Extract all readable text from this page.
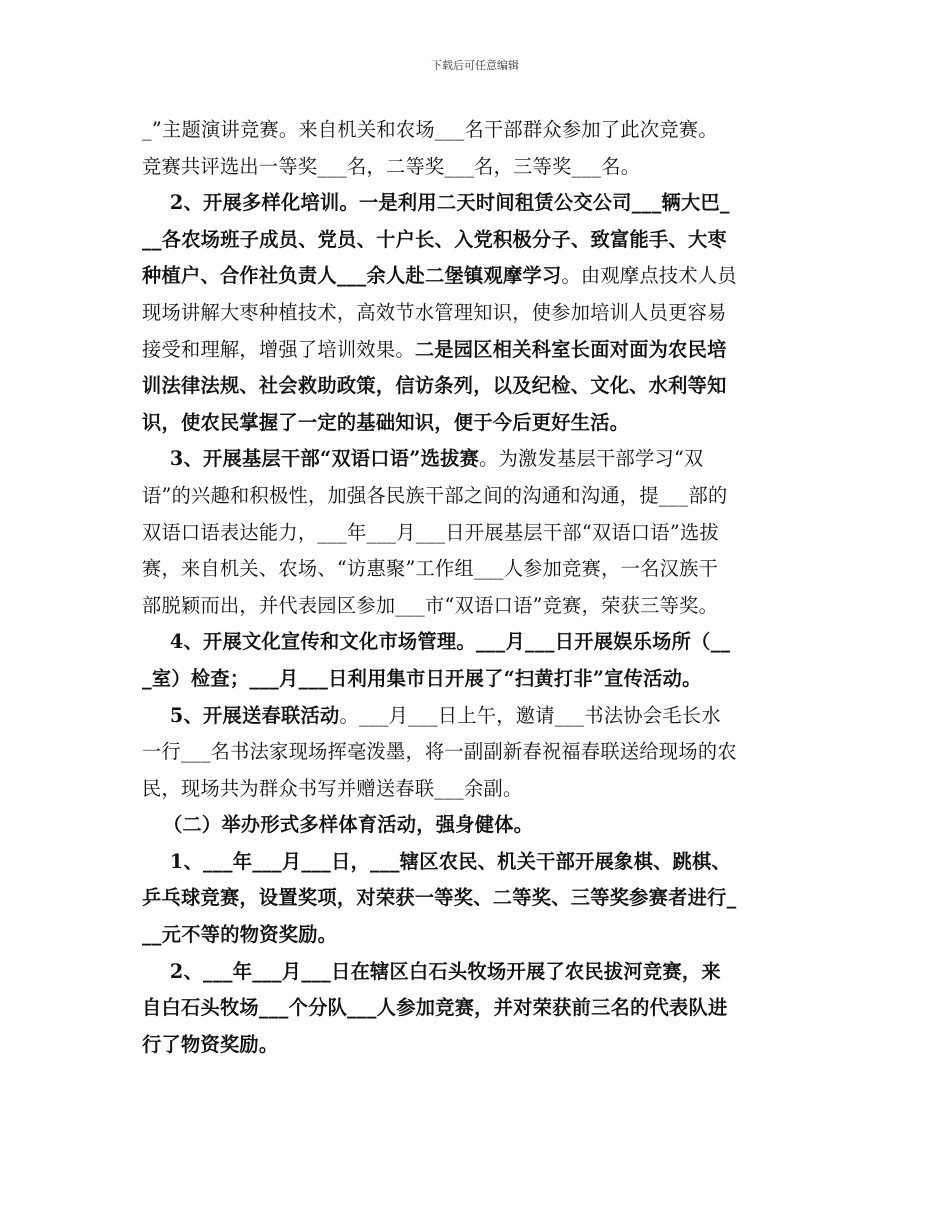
下载后可任意编辑
_”主题演讲竞赛。来自机关和农场___名干部群众参加了此次竞赛。
竞赛共评选出一等奖___名，二等奖___名，三等奖___名。
2、开展多样化培训。一是利用二天时间租赁公交公司___辆大巴_
__各农场班子成员、党员、十户长、入党积极分子、致富能手、大枣
种植户、合作社负责人___余人赴二堡镇观摩学习。由观摩点技术人员
现场讲解大枣种植技术，高效节水管理知识，使参加培训人员更容易
接受和理解，增强了培训效果。二是园区相关科室长面对面为农民培
训法律法规、社会救助政策，信访条列，以及纪检、文化、水利等知
识，使农民掌握了一定的基础知识，便于今后更好生活。
3、开展基层干部“双语口语”选拔赛。为激发基层干部学习“双
语”的兴趣和积极性，加强各民族干部之间的沟通和沟通，提___部的
双语口语表达能力，___年___月___日开展基层干部“双语口语”选拔
赛，来自机关、农场、“访惠聚”工作组___人参加竞赛，一名汉族干
部脱颖而出，并代表园区参加___市“双语口语”竞赛，荣获三等奖。
4、开展文化宣传和文化市场管理。___月___日开展娱乐场所（__
_室）检查；___月___日利用集市日开展了“扫黄打非”宣传活动。
5、开展送春联活动。___月___日上午，邀请___书法协会毛长水
一行___名书法家现场挥毫泼墨，将一副副新春祝福春联送给现场的农
民，现场共为群众书写并赠送春联___余副。
（二）举办形式多样体育活动，强身健体。
1、___年___月___日，___辖区农民、机关干部开展象棋、跳棋、
乒乓球竞赛，设置奖项，对荣获一等奖、二等奖、三等奖参赛者进行_
__元不等的物资奖励。
2、___年___月___日在辖区白石头牧场开展了农民拔河竞赛，来
自白石头牧场___个分队___人参加竞赛，并对荣获前三名的代表队进
行了物资奖励。
